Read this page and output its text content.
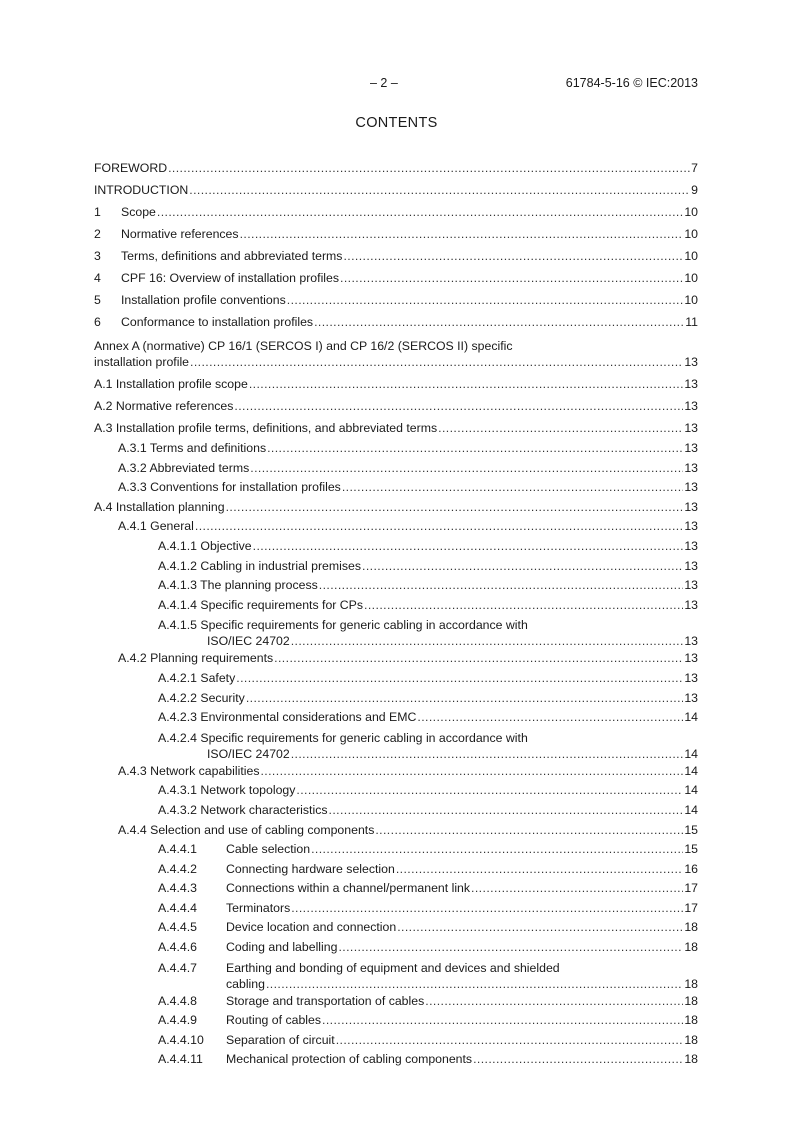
– 2 –	61784-5-16 © IEC:2013
CONTENTS
FOREWORD .....	7
INTRODUCTION .....	9
1	Scope .....	10
2	Normative references .....	10
3	Terms, definitions and abbreviated terms .....	10
4	CPF 16: Overview of installation profiles .....	10
5	Installation profile conventions .....	10
6	Conformance to installation profiles .....	11
Annex A (normative) CP 16/1 (SERCOS I) and CP 16/2 (SERCOS II) specific
installation profile .....	13
A.1 Installation profile scope .....	13
A.2 Normative references .....	13
A.3 Installation profile terms, definitions, and abbreviated terms .....	13
A.3.1 Terms and definitions .....	13
A.3.2 Abbreviated terms .....	13
A.3.3 Conventions for installation profiles .....	13
A.4 Installation planning .....	13
A.4.1 General .....	13
A.4.1.1 Objective .....	13
A.4.1.2 Cabling in industrial premises .....	13
A.4.1.3 The planning process .....	13
A.4.1.4 Specific requirements for CPs .....	13
A.4.1.5 Specific requirements for generic cabling in accordance with
ISO/IEC 24702 .....	13
A.4.2 Planning requirements .....	13
A.4.2.1 Safety .....	13
A.4.2.2 Security .....	13
A.4.2.3 Environmental considerations and EMC .....	14
A.4.2.4 Specific requirements for generic cabling in accordance with
ISO/IEC 24702 .....	14
A.4.3 Network capabilities .....	14
A.4.3.1 Network topology .....	14
A.4.3.2 Network characteristics .....	14
A.4.4 Selection and use of cabling components .....	15
A.4.4.1	Cable selection .....	15
A.4.4.2	Connecting hardware selection .....	16
A.4.4.3	Connections within a channel/permanent link .....	17
A.4.4.4	Terminators .....	17
A.4.4.5	Device location and connection .....	18
A.4.4.6	Coding and labelling .....	18
A.4.4.7 Earthing and bonding of equipment and devices and shielded
cabling .....	18
A.4.4.8	Storage and transportation of cables .....	18
A.4.4.9	Routing of cables .....	18
A.4.4.10	Separation of circuit .....	18
A.4.4.11	Mechanical protection of cabling components .....	18
